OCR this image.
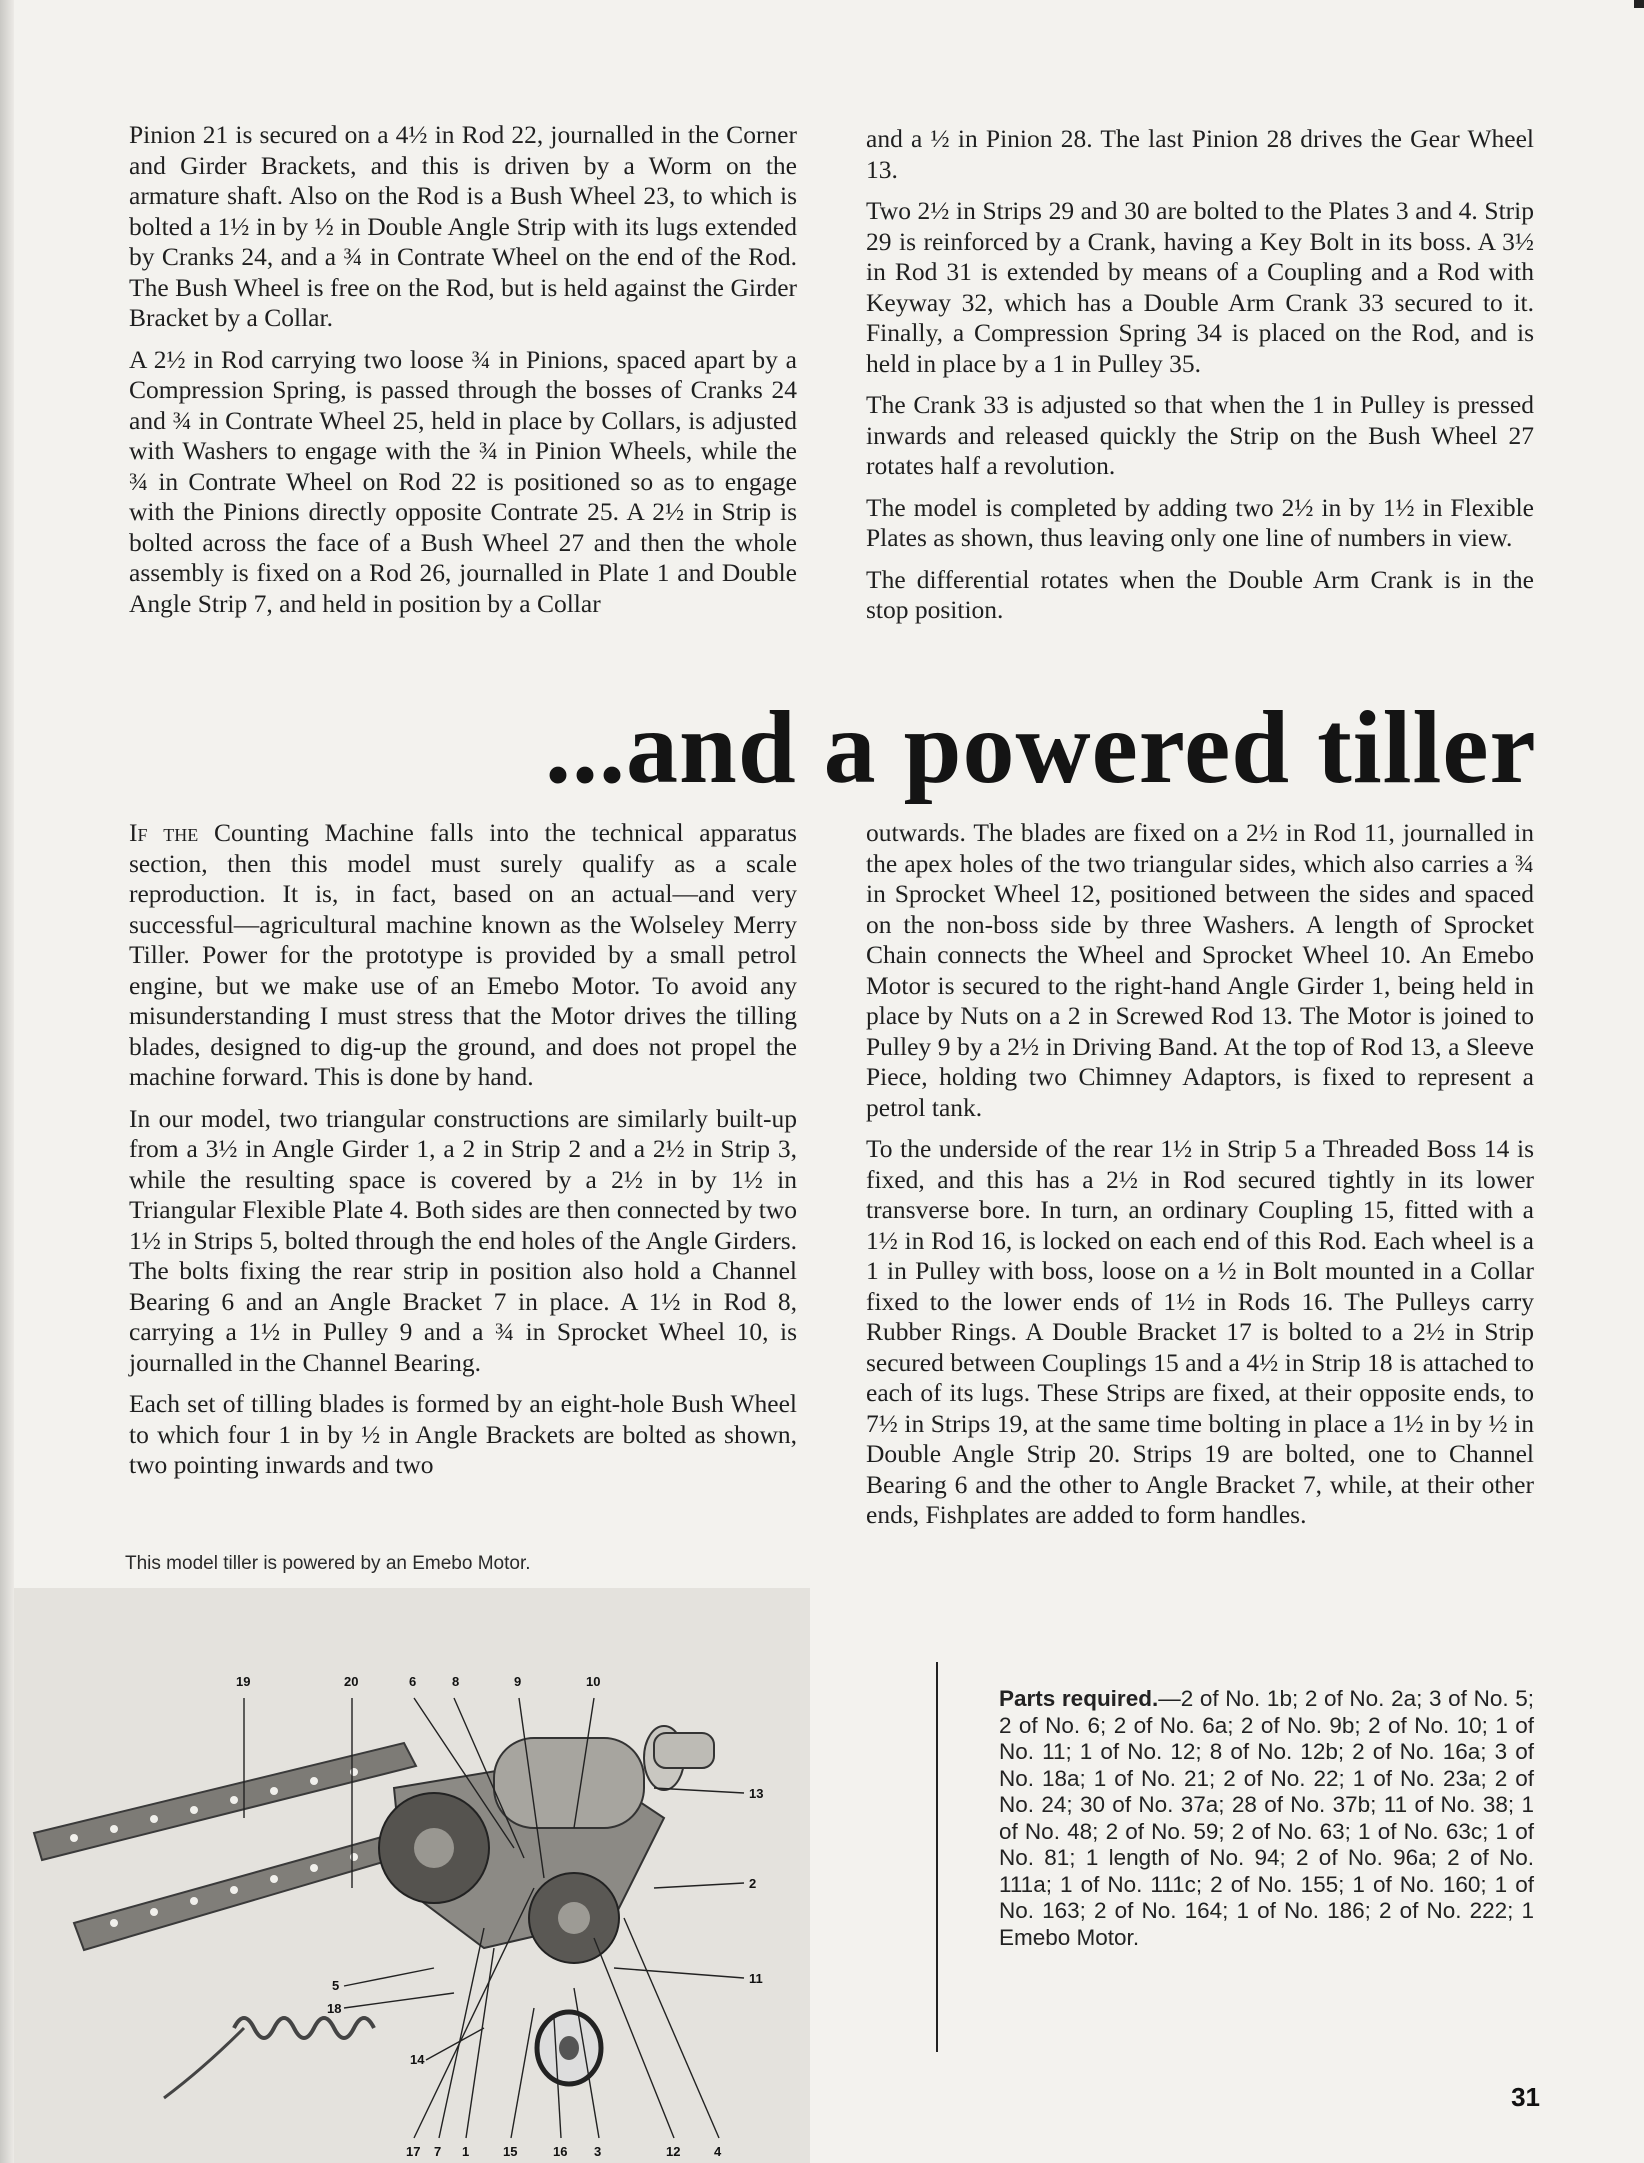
Pinion 21 is secured on a 4½ in Rod 22, journalled in the Corner and Girder Brackets, and this is driven by a Worm on the armature shaft. Also on the Rod is a Bush Wheel 23, to which is bolted a 1½ in by ½ in Double Angle Strip with its lugs extended by Cranks 24, and a ¾ in Contrate Wheel on the end of the Rod. The Bush Wheel is free on the Rod, but is held against the Girder Bracket by a Collar.

A 2½ in Rod carrying two loose ¾ in Pinions, spaced apart by a Compression Spring, is passed through the bosses of Cranks 24 and ¾ in Contrate Wheel 25, held in place by Collars, is adjusted with Washers to engage with the ¾ in Pinion Wheels, while the ¾ in Contrate Wheel on Rod 22 is positioned so as to engage with the Pinions directly opposite Contrate 25. A 2½ in Strip is bolted across the face of a Bush Wheel 27 and then the whole assembly is fixed on a Rod 26, journalled in Plate 1 and Double Angle Strip 7, and held in position by a Collar

and a ½ in Pinion 28. The last Pinion 28 drives the Gear Wheel 13.

Two 2½ in Strips 29 and 30 are bolted to the Plates 3 and 4. Strip 29 is reinforced by a Crank, having a Key Bolt in its boss. A 3½ in Rod 31 is extended by means of a Coupling and a Rod with Keyway 32, which has a Double Arm Crank 33 secured to it. Finally, a Compression Spring 34 is placed on the Rod, and is held in place by a 1 in Pulley 35.

The Crank 33 is adjusted so that when the 1 in Pulley is pressed inwards and released quickly the Strip on the Bush Wheel 27 rotates half a revolution.

The model is completed by adding two 2½ in by 1½ in Flexible Plates as shown, thus leaving only one line of numbers in view.

The differential rotates when the Double Arm Crank is in the stop position.

...and a powered tiller

If the Counting Machine falls into the technical apparatus section, then this model must surely qualify as a scale reproduction. It is, in fact, based on an actual—and very successful—agricultural machine known as the Wolseley Merry Tiller. Power for the prototype is provided by a small petrol engine, but we make use of an Emebo Motor. To avoid any misunderstanding I must stress that the Motor drives the tilling blades, designed to dig-up the ground, and does not propel the machine forward. This is done by hand.

In our model, two triangular constructions are similarly built-up from a 3½ in Angle Girder 1, a 2 in Strip 2 and a 2½ in Strip 3, while the resulting space is covered by a 2½ in by 1½ in Triangular Flexible Plate 4. Both sides are then connected by two 1½ in Strips 5, bolted through the end holes of the Angle Girders. The bolts fixing the rear strip in position also hold a Channel Bearing 6 and an Angle Bracket 7 in place. A 1½ in Rod 8, carrying a 1½ in Pulley 9 and a ¾ in Sprocket Wheel 10, is journalled in the Channel Bearing.

Each set of tilling blades is formed by an eight-hole Bush Wheel to which four 1 in by ½ in Angle Brackets are bolted as shown, two pointing inwards and two

outwards. The blades are fixed on a 2½ in Rod 11, journalled in the apex holes of the two triangular sides, which also carries a ¾ in Sprocket Wheel 12, positioned between the sides and spaced on the non-boss side by three Washers. A length of Sprocket Chain connects the Wheel and Sprocket Wheel 10. An Emebo Motor is secured to the right-hand Angle Girder 1, being held in place by Nuts on a 2 in Screwed Rod 13. The Motor is joined to Pulley 9 by a 2½ in Driving Band. At the top of Rod 13, a Sleeve Piece, holding two Chimney Adaptors, is fixed to represent a petrol tank.

To the underside of the rear 1½ in Strip 5 a Threaded Boss 14 is fixed, and this has a 2½ in Rod secured tightly in its lower transverse bore. In turn, an ordinary Coupling 15, fitted with a 1½ in Rod 16, is locked on each end of this Rod. Each wheel is a 1 in Pulley with boss, loose on a ½ in Bolt mounted in a Collar fixed to the lower ends of 1½ in Rods 16. The Pulleys carry Rubber Rings. A Double Bracket 17 is bolted to a 2½ in Strip secured between Couplings 15 and a 4½ in Strip 18 is attached to each of its lugs. These Strips are fixed, at their opposite ends, to 7½ in Strips 19, at the same time bolting in place a 1½ in by ½ in Double Angle Strip 20. Strips 19 are bolted, one to Channel Bearing 6 and the other to Angle Bracket 7, while, at their other ends, Fishplates are added to form handles.

This model tiller is powered by an Emebo Motor.
19	20	6	8	9	10
13
2
11
5
18
14
17 7 1	15	16 3	12	4
Parts required.—2 of No. 1b; 2 of No. 2a; 3 of No. 5; 2 of No. 6; 2 of No. 6a; 2 of No. 9b; 2 of No. 10; 1 of No. 11; 1 of No. 12; 8 of No. 12b; 2 of No. 16a; 3 of No. 18a; 1 of No. 21; 2 of No. 22; 1 of No. 23a; 2 of No. 24; 30 of No. 37a; 28 of No. 37b; 11 of No. 38; 1 of No. 48; 2 of No. 59; 2 of No. 63; 1 of No. 63c; 1 of No. 81; 1 length of No. 94; 2 of No. 96a; 2 of No. 111a; 1 of No. 111c; 2 of No. 155; 1 of No. 160; 1 of No. 163; 2 of No. 164; 1 of No. 186; 2 of No. 222; 1 Emebo Motor.
31
